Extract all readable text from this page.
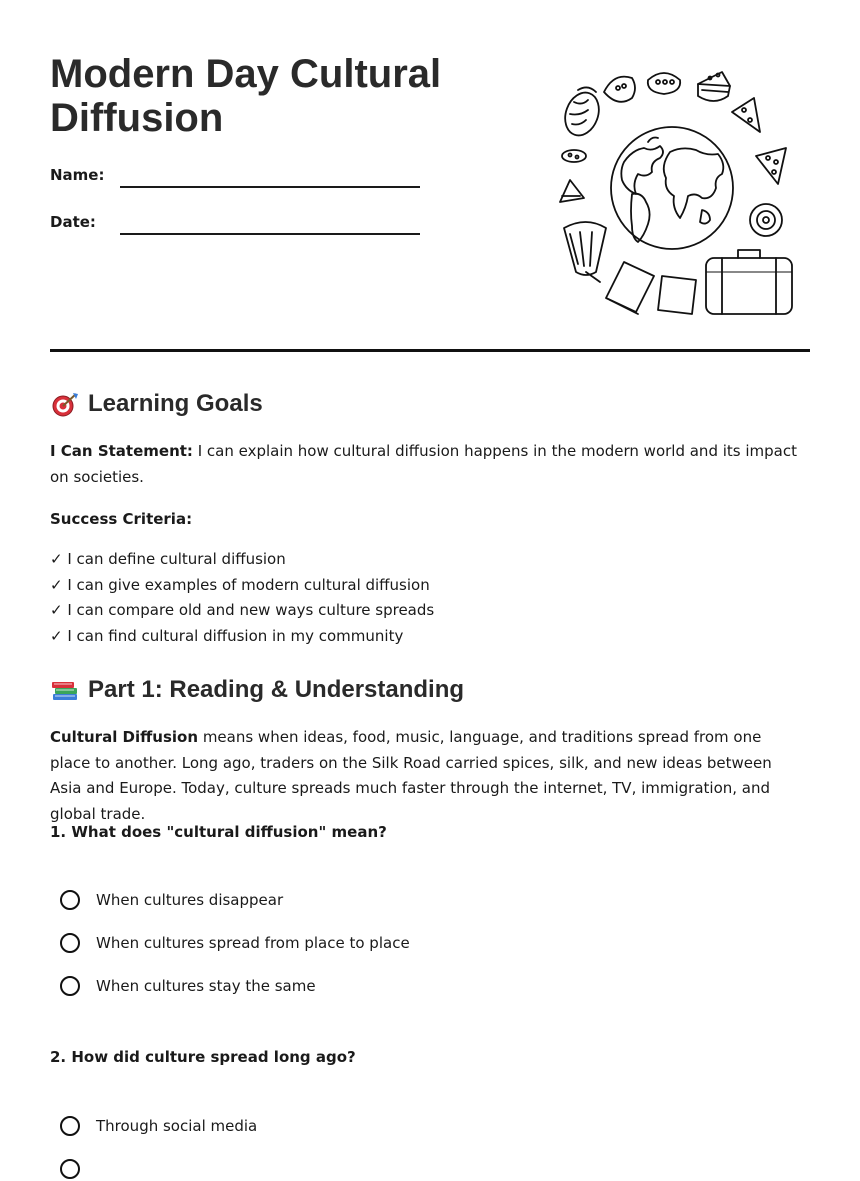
Modern Day Cultural Diffusion
Name:
Date:
Learning Goals

I Can Statement: I can explain how cultural diffusion happens in the modern world and its impact on societies.

Success Criteria:

✓ I can define cultural diffusion
✓ I can give examples of modern cultural diffusion
✓ I can compare old and new ways culture spreads
✓ I can find cultural diffusion in my community
Part 1: Reading & Understanding

Cultural Diffusion means when ideas, food, music, language, and traditions spread from one place to another. Long ago, traders on the Silk Road carried spices, silk, and new ideas between Asia and Europe. Today, culture spreads much faster through the internet, TV, immigration, and global trade.

1. What does "cultural diffusion" mean?
When cultures disappear
When cultures spread from place to place
When cultures stay the same
2. How did culture spread long ago?
Through social media
